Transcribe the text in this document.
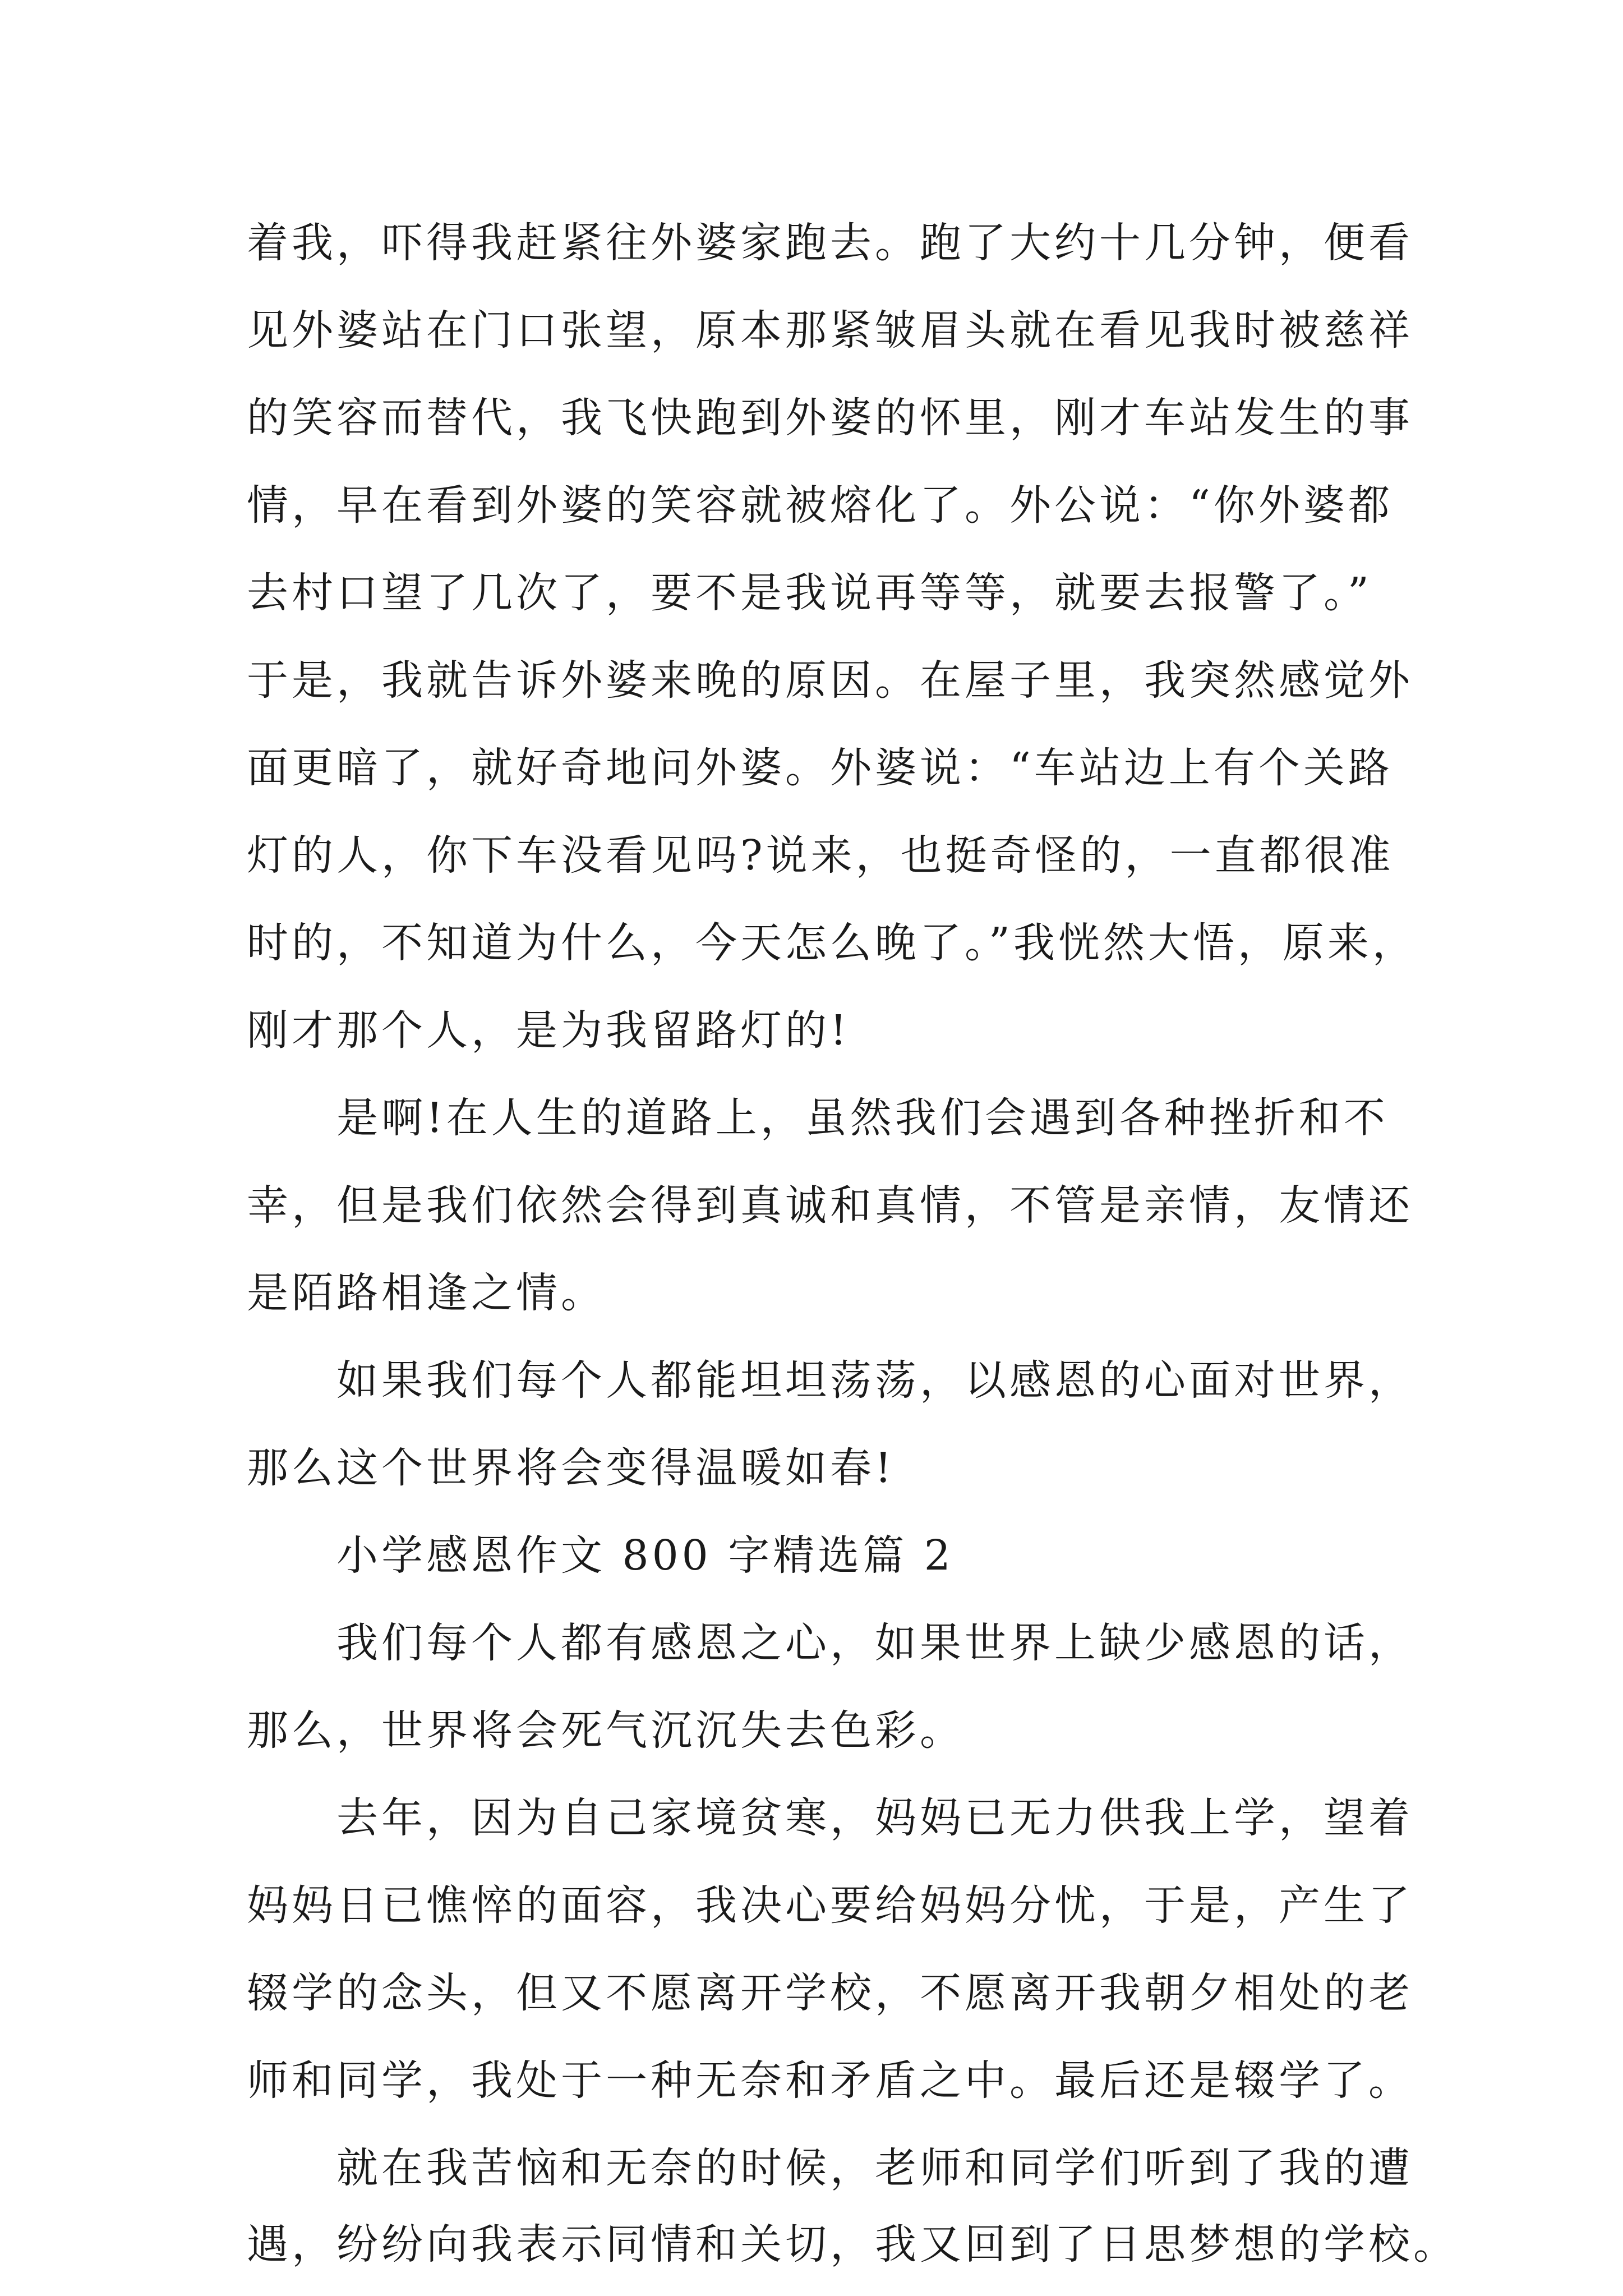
着我，吓得我赶紧往外婆家跑去。跑了大约十几分钟，便看
见外婆站在门口张望，原本那紧皱眉头就在看见我时被慈祥
的笑容而替代，我飞快跑到外婆的怀里，刚才车站发生的事
情，早在看到外婆的笑容就被熔化了。外公说：“你外婆都
去村口望了几次了，要不是我说再等等，就要去报警了。”
于是，我就告诉外婆来晚的原因。在屋子里，我突然感觉外
面更暗了，就好奇地问外婆。外婆说：“车站边上有个关路
灯的人，你下车没看见吗?说来，也挺奇怪的，一直都很准
时的，不知道为什么，今天怎么晚了。”我恍然大悟，原来，
刚才那个人，是为我留路灯的!
是啊!在人生的道路上，虽然我们会遇到各种挫折和不
幸，但是我们依然会得到真诚和真情，不管是亲情，友情还
是陌路相逢之情。
如果我们每个人都能坦坦荡荡，以感恩的心面对世界，
那么这个世界将会变得温暖如春!
小学感恩作文 800 字精选篇 2
我们每个人都有感恩之心，如果世界上缺少感恩的话，
那么，世界将会死气沉沉失去色彩。
去年，因为自己家境贫寒，妈妈已无力供我上学，望着
妈妈日已憔悴的面容，我决心要给妈妈分忧，于是，产生了
辍学的念头，但又不愿离开学校，不愿离开我朝夕相处的老
师和同学，我处于一种无奈和矛盾之中。最后还是辍学了。
就在我苦恼和无奈的时候，老师和同学们听到了我的遭
遇，纷纷向我表示同情和关切，我又回到了日思梦想的学校。
